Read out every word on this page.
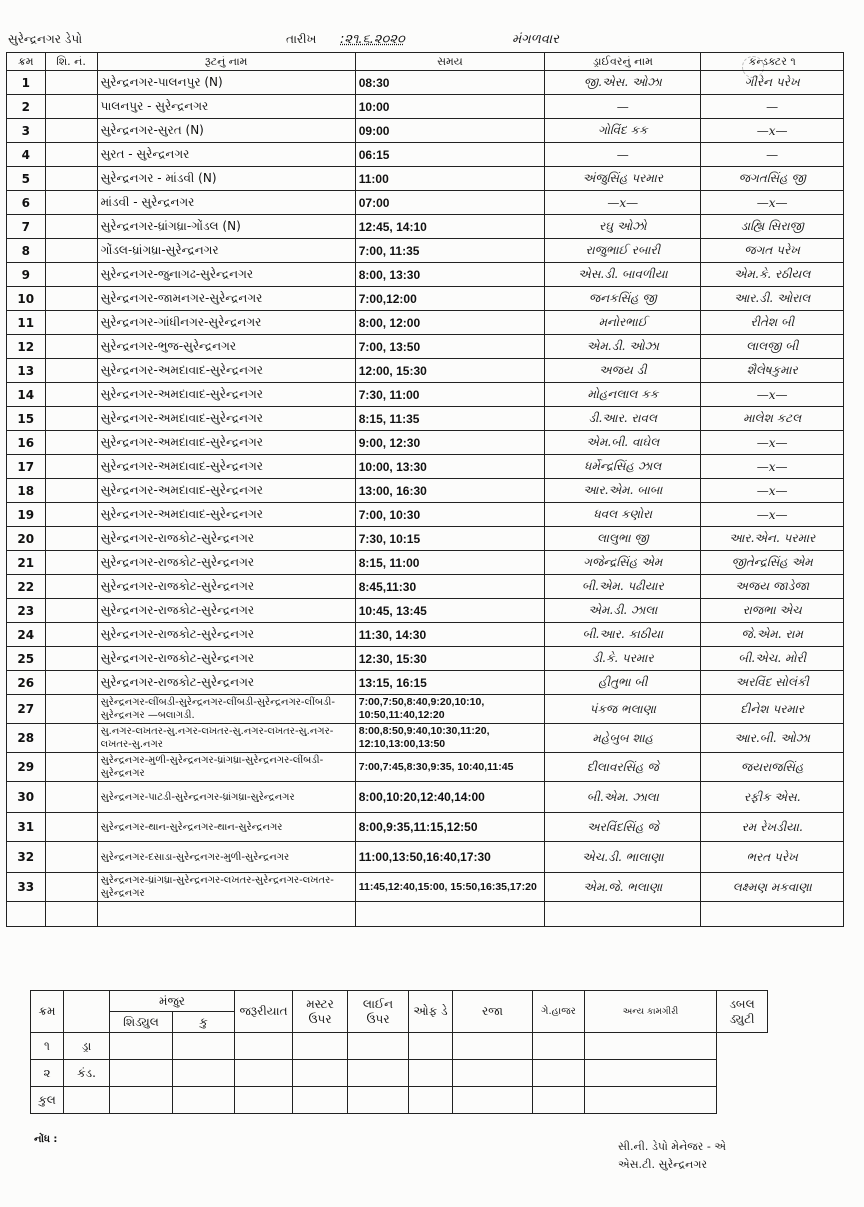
સુરેન્દ્રનગર ડેપો	તારીખ :૨૧.૬.૨૦૨૦	મંગળવાર
ક્રમ	શિ. નં.	રૂટનું નામ	સમય	ડ્રાઈવરનું નામ	કન્ડક્ટર ૧
1		સુરેન્દ્રનગર-પાલનપુર (N)	08:30	જી.એસ. ઓઝા	ગીરેન પરેખ
2		પાલનપુર - સુરેન્દ્રનગર	10:00	—	—
3		સુરેન્દ્રનગર-સુરત (N)	09:00	ગોવિંદ કક	—x—
4		સુરત - સુરેન્દ્રનગર	06:15	—	—
5		સુરેન્દ્રનગર - માંડવી (N)	11:00	અંજુસિંહ પરમાર	જગતસિંહ જી
6		માંડવી - સુરેન્દ્રનગર	07:00	—x—	—x—
7		સુરેન્દ્રનગર-ધ્રાંગધ્રા-ગોંડલ (N)	12:45, 14:10	રઘુ ઓઝો	ડાહ્યિ સિરાજી
8		ગોંડલ-ધ્રાંગધ્રા-સુરેન્દ્રનગર	7:00, 11:35	રાજુભાઈ રબારી	જગત પરેખ
9		સુરેન્દ્રનગર-જુનાગઢ-સુરેન્દ્રનગર	8:00, 13:30	એસ.ડી. બાવળીયા	એમ.કે. રઠીયલ
10		સુરેન્દ્રનગર-જામનગર-સુરેન્દ્રનગર	7:00,12:00	જનકસિંહ જી	આર.ડી. ઓરાલ
11		સુરેન્દ્રનગર-ગાંધીનગર-સુરેન્દ્રનગર	8:00, 12:00	મનોરભાઈ	રીતેશ બી
12		સુરેન્દ્રનગર-ભુજ-સુરેન્દ્રનગર	7:00, 13:50	એમ.ડી. ઓઝા	લાલજી બી
13		સુરેન્દ્રનગર-અમદાવાદ-સુરેન્દ્રનગર	12:00, 15:30	અજય ડી	શૈલેષકુમાર
14		સુરેન્દ્રનગર-અમદાવાદ-સુરેન્દ્રનગર	7:30, 11:00	મોહનલાલ કક	—x—
15		સુરેન્દ્રનગર-અમદાવાદ-સુરેન્દ્રનગર	8:15, 11:35	ડી.આર. રાવલ	માલેશ કટલ
16		સુરેન્દ્રનગર-અમદાવાદ-સુરેન્દ્રનગર	9:00, 12:30	એમ.બી. વાઘેલ	—x—
17		સુરેન્દ્રનગર-અમદાવાદ-સુરેન્દ્રનગર	10:00, 13:30	ધર્મેન્દ્રસિંહ ઝાલ	—x—
18		સુરેન્દ્રનગર-અમદાવાદ-સુરેન્દ્રનગર	13:00, 16:30	આર.એમ. બાબા	—x—
19		સુરેન્દ્રનગર-અમદાવાદ-સુરેન્દ્રનગર	7:00, 10:30	ધવલ કણોરા	—x—
20		સુરેન્દ્રનગર-રાજકોટ-સુરેન્દ્રનગર	7:30, 10:15	લાલુભા જી	આર.એન. પરમાર
21		સુરેન્દ્રનગર-રાજકોટ-સુરેન્દ્રનગર	8:15, 11:00	ગજેન્દ્રસિંહ એમ	જીતેન્દ્રસિંહ એમ
22		સુરેન્દ્રનગર-રાજકોટ-સુરેન્દ્રનગર	8:45,11:30	બી.એમ. પઢીયાર	અજય જાડેજા
23		સુરેન્દ્રનગર-રાજકોટ-સુરેન્દ્રનગર	10:45, 13:45	એમ.ડી. ઝાલા	રાજભા એચ
24		સુરેન્દ્રનગર-રાજકોટ-સુરેન્દ્રનગર	11:30, 14:30	બી.આર. કાઠીયા	જે.એમ. રામ
25		સુરેન્દ્રનગર-રાજકોટ-સુરેન્દ્રનગર	12:30, 15:30	ડી.કે. પરમાર	બી.એચ. મોરી
26		સુરેન્દ્રનગર-રાજકોટ-સુરેન્દ્રનગર	13:15, 16:15	હીતુભા બી	અરવિંદ સોલંકી
27		સુરેન્દ્રનગર-લીંબડી-સુરેન્દ્રનગર-લીંબડી-સુરેન્દ્રનગર-લીંબડી-સુરેન્દ્રનગર —બલાગડી.	7:00,7:50,8:40,9:20,10:10, 10:50,11:40,12:20	પંકજ ભલાણા	દીનેશ પરમાર
28		સુ.નગર-લખતર-સુ.નગર-લખતર-સુ.નગર-લખતર-સુ.નગર-લખતર-સુ.નગર	8:00,8:50,9:40,10:30,11:20, 12:10,13:00,13:50	મહેબુબ શાહ	આર.બી. ઓઝા
29		સુરેન્દ્રનગર-મુળી-સુરેન્દ્રનગર-ધ્રાંગધ્રા-સુરેન્દ્રનગર-લીંબડી-સુરેન્દ્રનગર	7:00,7:45,8:30,9:35, 10:40,11:45	દીલાવરસિંહ જે	જયરાજસિંહ
30		સુરેન્દ્રનગર-પાટડી-સુરેન્દ્રનગર-ધ્રાંગધ્રા-સુરેન્દ્રનગર	8:00,10:20,12:40,14:00	બી.એમ. ઝાલા	રફીક એસ.
31		સુરેન્દ્રનગર-થાન-સુરેન્દ્રનગર-થાન-સુરેન્દ્રનગર	8:00,9:35,11:15,12:50	અરવિંદસિંહ જે	રમ રેખડીયા.
32		સુરેન્દ્રનગર-દસાડા-સુરેન્દ્રનગર-મુળી-સુરેન્દ્રનગર	11:00,13:50,16:40,17:30	એચ.ડી. ભાલાણા	ભરત પરેખ
33		સુરેન્દ્રનગર-ધ્રાંગધ્રા-સુરેન્દ્રનગર-લખતર-સુરેન્દ્રનગર-લખતર-સુરેન્દ્રનગર	11:45,12:40,15:00, 15:50,16:35,17:20	એમ.જે. ભલાણા	લક્ષ્મણ મકવાણા

ક્રમ		મંજુર		જરૂરીયાત	મસ્ટર ઉપર	લાઈન ઉપર	ઓફ ડે	રજા	ગે.હાજર	અન્ય કામગીરી	ડબલ ડ્યુટી
		શિડ્યુલ	કુ								
૧	ડ્રા										
૨	કંડ.										
કુલ											
નોંધ :
સી.ની. ડેપો મેનેજર - એ
એસ.ટી. સુરેન્દ્રનગર
